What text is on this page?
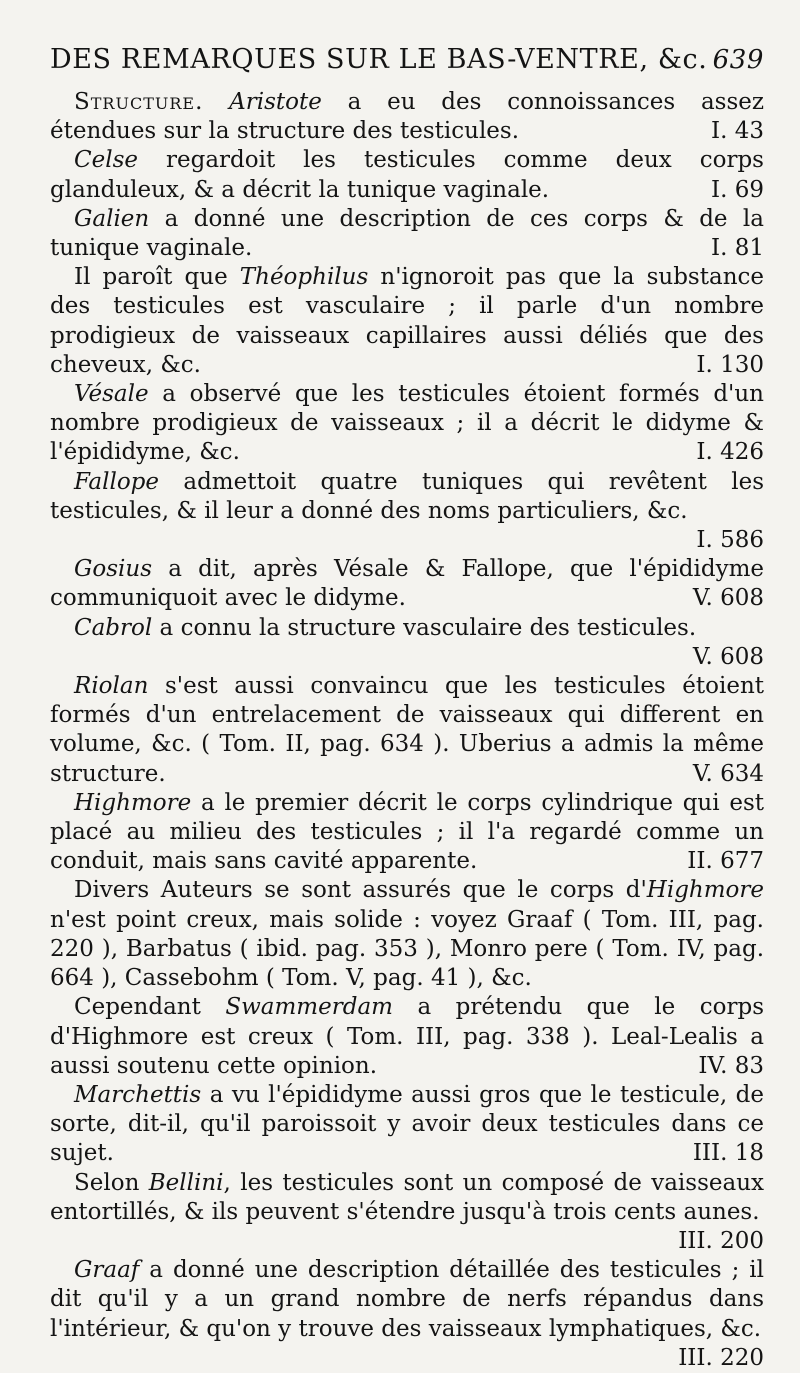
DES REMARQUES SUR LE BAS-VENTRE, &c. 639

Structure. Aristote a eu des connoissances assez étendues sur la structure des testicules.	I. 43

Celse regardoit les testicules comme deux corps glanduleux, & a décrit la tunique vaginale.	I. 69

Galien a donné une description de ces corps & de la tunique vaginale.	I. 81

Il paroît que Théophilus n'ignoroit pas que la substance des testicules est vasculaire ; il parle d'un nombre prodigieux de vaisseaux capillaires aussi déliés que des cheveux, &c.	I. 130

Vésale a observé que les testicules étoient formés d'un nombre prodigieux de vaisseaux ; il a décrit le didyme & l'épididyme, &c.	I. 426

Fallope admettoit quatre tuniques qui revêtent les testicules, & il leur a donné des noms particuliers, &c.
I. 586

Gosius a dit, après Vésale & Fallope, que l'épididyme communiquoit avec le didyme.	V. 608

Cabrol a connu la structure vasculaire des testicules.
V. 608

Riolan s'est aussi convaincu que les testicules étoient formés d'un entrelacement de vaisseaux qui different en volume, &c. ( Tom. II, pag. 634 ). Uberius a admis la même structure.	V. 634

Highmore a le premier décrit le corps cylindrique qui est placé au milieu des testicules ; il l'a regardé comme un conduit, mais sans cavité apparente.	II. 677

Divers Auteurs se sont assurés que le corps d'Highmore n'est point creux, mais solide : voyez Graaf ( Tom. III, pag. 220 ), Barbatus ( ibid. pag. 353 ), Monro pere ( Tom. IV, pag. 664 ), Cassebohm ( Tom. V, pag. 41 ), &c.

Cependant Swammerdam a prétendu que le corps d'Highmore est creux ( Tom. III, pag. 338 ). Leal-Lealis a aussi soutenu cette opinion.	IV. 83

Marchettis a vu l'épididyme aussi gros que le testicule, de sorte, dit-il, qu'il paroissoit y avoir deux testicules dans ce sujet.	III. 18

Selon Bellini, les testicules sont un composé de vaisseaux entortillés, & ils peuvent s'étendre jusqu'à trois cents aunes.
III. 200

Graaf a donné une description détaillée des testicules ; il dit qu'il y a un grand nombre de nerfs répandus dans l'intérieur, & qu'on y trouve des vaisseaux lymphatiques, &c.
III. 220
